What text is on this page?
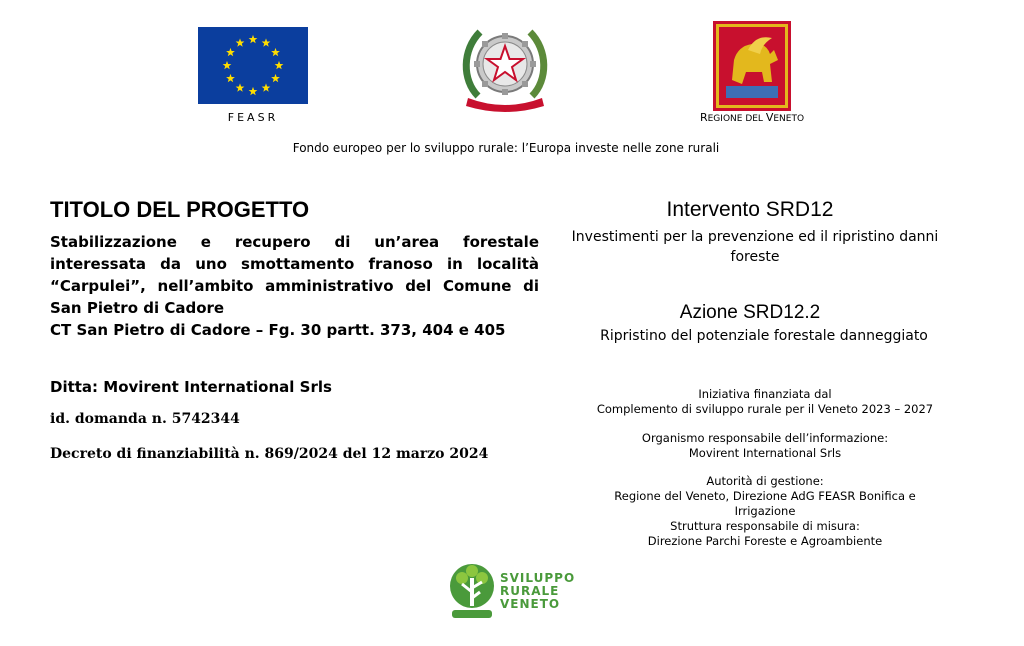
FEASR	REGIONE DEL VENETO
Fondo europeo per lo sviluppo rurale: l’Europa investe nelle zone rurali
TITOLO DEL PROGETTO
Stabilizzazione e recupero di un’area forestale
interessata da uno smottamento franoso in località
“Carpulei”, nell’ambito amministrativo del Comune di
San Pietro di Cadore
CT San Pietro di Cadore – Fg. 30 partt. 373, 404 e 405
Ditta: Movirent International Srls
id. domanda n. 5742344
Decreto di finanziabilità n. 869/2024 del 12 marzo 2024
Intervento SRD12
Investimenti per la prevenzione ed il ripristino danni
foreste
Azione SRD12.2
Ripristino del potenziale forestale danneggiato
Iniziativa finanziata dal
Complemento di sviluppo rurale per il Veneto 2023 – 2027
Organismo responsabile dell’informazione:
Movirent International Srls
Autorità di gestione:
Regione del Veneto, Direzione AdG FEASR Bonifica e
Irrigazione
Struttura responsabile di misura:
Direzione Parchi Foreste e Agroambiente
SVILUPPO
RURALE
VENETO
